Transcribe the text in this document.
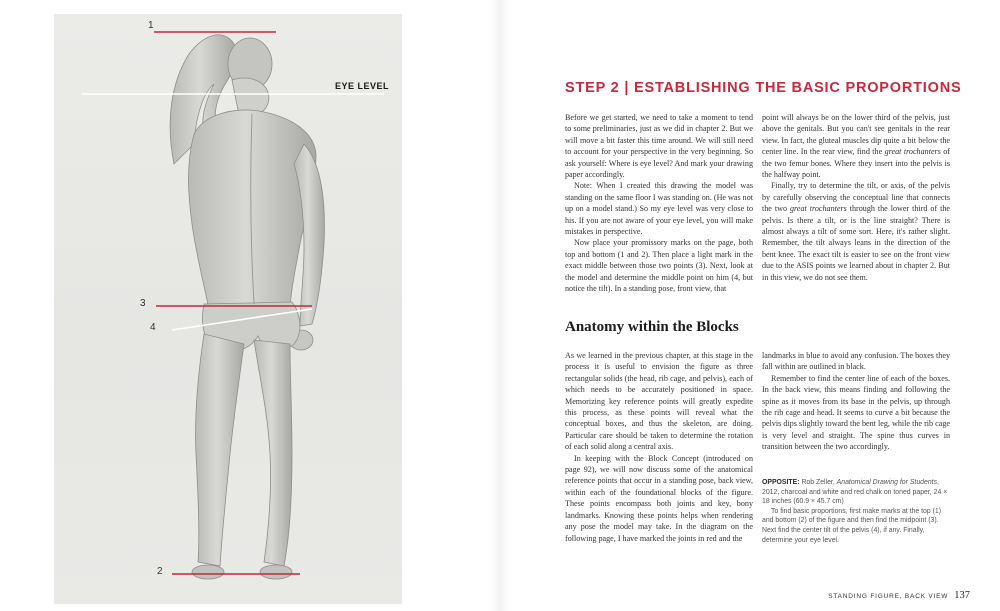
1
3
4
2
EYE LEVEL	STEP 2 | ESTABLISHING THE BASIC PROPORTIONS

Before we get started, we need to take a moment to tend to some preliminaries, just as we did in chapter 2. But we will move a bit faster this time around. We will still need to account for your perspective in the very beginning. So ask yourself: Where is eye level? And mark your drawing paper accordingly.

Note: When I created this drawing the model was standing on the same floor I was standing on. (He was not up on a model stand.) So my eye level was very close to his. If you are not aware of your eye level, you will make mistakes in perspective.

Now place your promissory marks on the page, both top and bottom (1 and 2). Then place a light mark in the exact middle between those two points (3). Next, look at the model and determine the middle point on him (4, but notice the tilt). In a standing pose, front view, that

point will always be on the lower third of the pelvis, just above the genitals. But you can't see genitals in the rear view. In fact, the gluteal muscles dip quite a bit below the center line. In the rear view, find the great trochanters of the two femur bones. Where they insert into the pelvis is the halfway point.

Finally, try to determine the tilt, or axis, of the pelvis by carefully observing the conceptual line that connects the two great trochanters through the lower third of the pelvis. Is there a tilt, or is the line straight? There is almost always a tilt of some sort. Here, it's rather slight. Remember, the tilt always leans in the direction of the bent knee. The exact tilt is easier to see on the front view due to the ASIS points we learned about in chapter 2. But in this view, we do not see them.

Anatomy within the Blocks

As we learned in the previous chapter, at this stage in the process it is useful to envision the figure as three rectangular solids (the head, rib cage, and pelvis), each of which needs to be accurately positioned in space. Memorizing key reference points will greatly expedite this process, as these points will reveal what the conceptual boxes, and thus the skeleton, are doing. Particular care should be taken to determine the rotation of each solid along a central axis.

In keeping with the Block Concept (introduced on page 92), we will now discuss some of the anatomical reference points that occur in a standing pose, back view, within each of the foundational blocks of the figure. These points encompass both joints and key, bony landmarks. Knowing these points helps when rendering any pose the model may take. In the diagram on the following page, I have marked the joints in red and the

landmarks in blue to avoid any confusion. The boxes they fall within are outlined in black.

Remember to find the center line of each of the boxes. In the back view, this means finding and following the spine as it moves from its base in the pelvis, up through the rib cage and head. It seems to curve a bit because the pelvis dips slightly toward the bent leg, while the rib cage is very level and straight. The spine thus curves in transition between the two accordingly.

OPPOSITE: Rob Zeller, Anatomical Drawing for Students, 2012, charcoal and white and red chalk on toned paper, 24 × 18 inches (60.9 × 45.7 cm)

To find basic proportions, first make marks at the top (1) and bottom (2) of the figure and then find the midpoint (3). Next find the center tilt of the pelvis (4), if any. Finally, determine your eye level.

STANDING FIGURE, BACK VIEW 137
